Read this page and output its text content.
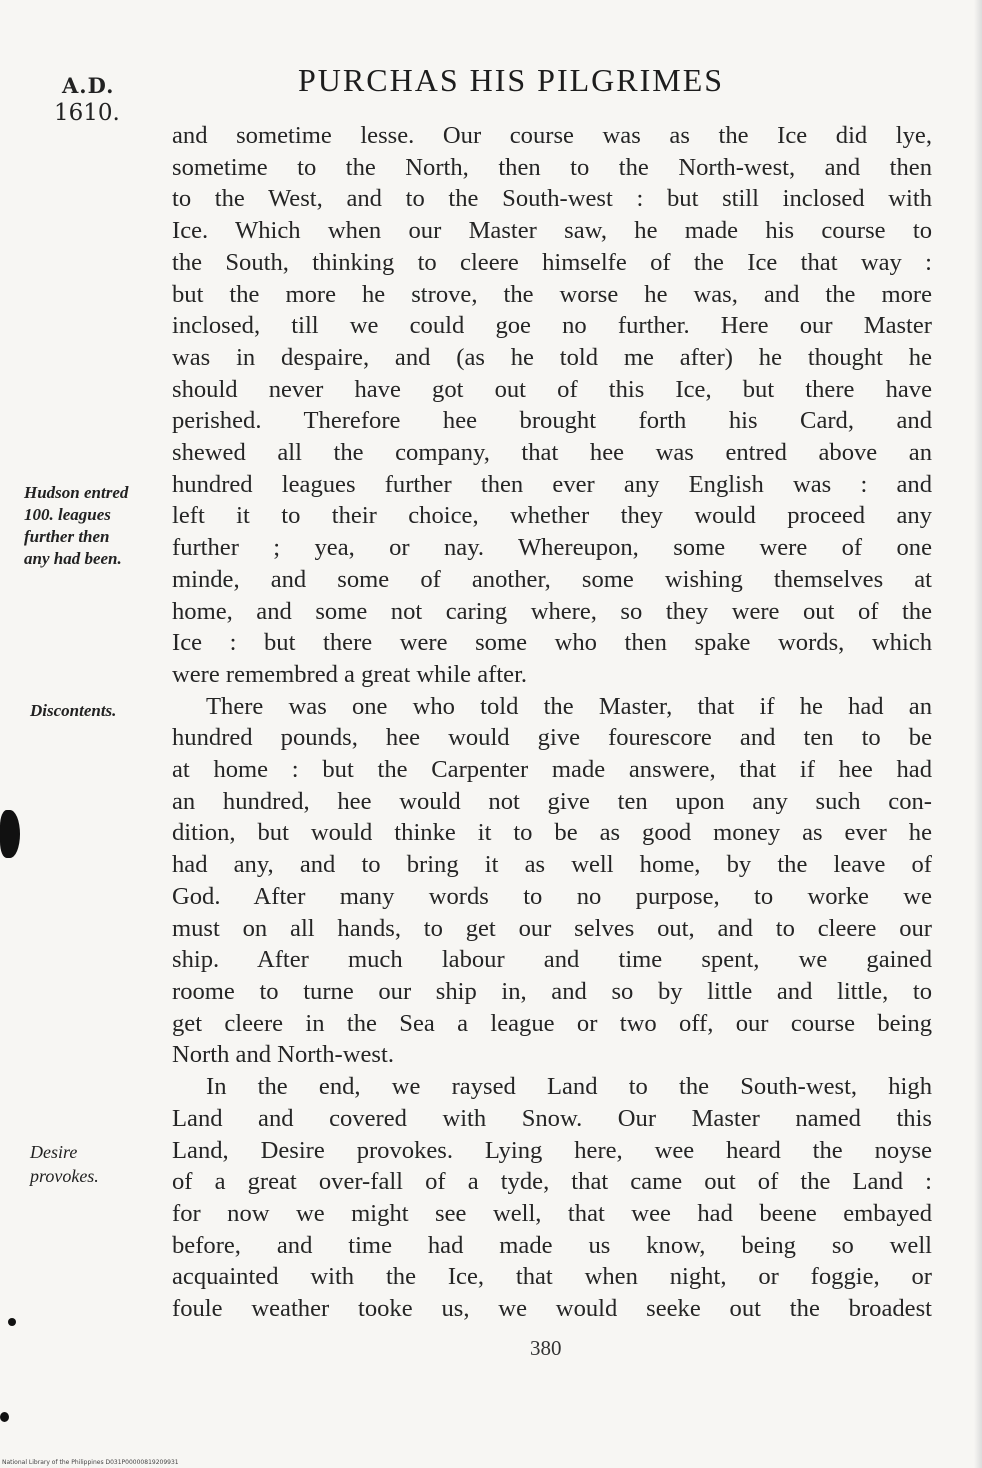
A.D.
1610.
PURCHAS HIS PILGRIMES
Hudson entred
100. leagues
further then
any had been.
Discontents.
Desire
provokes.

and sometime lesse. Our course was as the Ice did lye,
sometime to the North, then to the North-west, and then
to the West, and to the South-west : but still inclosed with
Ice. Which when our Master saw, he made his course to
the South, thinking to cleere himselfe of the Ice that way :
but the more he strove, the worse he was, and the more
inclosed, till we could goe no further. Here our Master
was in despaire, and (as he told me after) he thought he
should never have got out of this Ice, but there have
perished. Therefore hee brought forth his Card, and
shewed all the company, that hee was entred above an
hundred leagues further then ever any English was : and
left it to their choice, whether they would proceed any
further ; yea, or nay. Whereupon, some were of one
minde, and some of another, some wishing themselves at
home, and some not caring where, so they were out of the
Ice : but there were some who then spake words, which
were remembred a great while after.

There was one who told the Master, that if he had an
hundred pounds, hee would give fourescore and ten to be
at home : but the Carpenter made answere, that if hee had
an hundred, hee would not give ten upon any such con-
dition, but would thinke it to be as good money as ever he
had any, and to bring it as well home, by the leave of
God. After many words to no purpose, to worke we
must on all hands, to get our selves out, and to cleere our
ship. After much labour and time spent, we gained
roome to turne our ship in, and so by little and little, to
get cleere in the Sea a league or two off, our course being
North and North-west.

In the end, we raysed Land to the South-west, high
Land and covered with Snow. Our Master named this
Land, Desire provokes. Lying here, wee heard the noyse
of a great over-fall of a tyde, that came out of the Land :
for now we might see well, that wee had beene embayed
before, and time had made us know, being so well
acquainted with the Ice, that when night, or foggie, or
foule weather tooke us, we would seeke out the broadest

380
National Library of the Philippines D031P00000819209931
